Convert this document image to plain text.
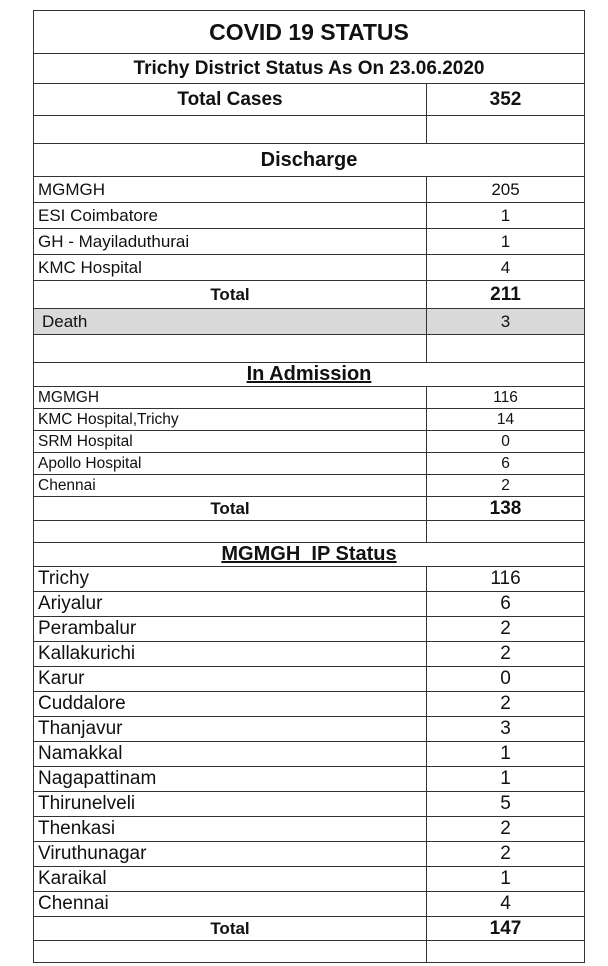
COVID 19 STATUS
Trichy District Status As On 23.06.2020
Total Cases	352
Discharge
MGMGH	205
ESI Coimbatore	1
GH - Mayiladuthurai	1
KMC Hospital	4
Total	211
Death	3
In Admission
MGMGH	116
KMC Hospital,Trichy	14
SRM Hospital	0
Apollo Hospital	6
Chennai	2
Total	138
MGMGH  IP Status
Trichy	116
Ariyalur	6
Perambalur	2
Kallakurichi	2
Karur	0
Cuddalore	2
Thanjavur	3
Namakkal	1
Nagapattinam	1
Thirunelveli	5
Thenkasi	2
Viruthunagar	2
Karaikal	1
Chennai	4
Total	147
